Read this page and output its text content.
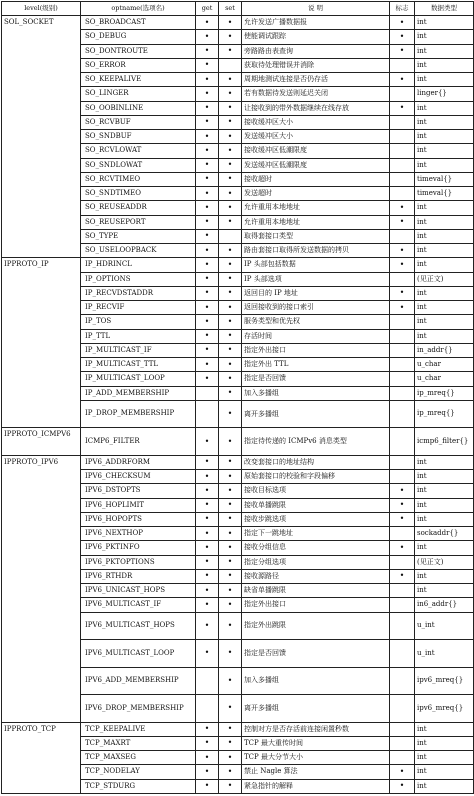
level(级别)	optname(选项名)	get	set	说 明	标志	数据类型
SOL_SOCKET	SO_BROADCAST	•	•	允许发送广播数据报	•	int
	SO_DEBUG	•	•	使能调试跟踪	•	int
	SO_DONTROUTE	•	•	旁路路由表查询	•	int
	SO_ERROR	•		获取待处理错误并消除		int
	SO_KEEPALIVE	•	•	周期地测试连接是否仍存活	•	int
	SO_LINGER	•	•	若有数据待发送则延迟关闭		linger{}
	SO_OOBINLINE	•	•	让接收到的带外数据继续在线存放	•	int
	SO_RCVBUF	•	•	接收缓冲区大小		int
	SO_SNDBUF	•	•	发送缓冲区大小		int
	SO_RCVLOWAT	•	•	接收缓冲区低潮限度		int
	SO_SNDLOWAT	•	•	发送缓冲区低潮限度		int
	SO_RCVTIMEO	•	•	接收超时		timeval{}
	SO_SNDTIMEO	•	•	发送超时		timeval{}
	SO_REUSEADDR	•	•	允许重用本地地址	•	int
	SO_REUSEPORT	•	•	允许重用本地地址	•	int
	SO_TYPE	•		取得套接口类型		int
	SO_USELOOPBACK	•	•	路由套接口取得所发送数据的拷贝	•	int
IPPROTO_IP	IP_HDRINCL	•	•	IP 头部包括数据	•	int
	IP_OPTIONS	•	•	IP 头部选项		(见正文)
	IP_RECVDSTADDR	•	•	返回目的 IP 地址	•	int
	IP_RECVIF	•	•	返回接收到的接口索引	•	int
	IP_TOS	•	•	服务类型和优先权		int
	IP_TTL	•	•	存活时间		int
	IP_MULTICAST_IF	•	•	指定外出接口		in_addr{}
	IP_MULTICAST_TTL	•	•	指定外出 TTL		u_char
	IP_MULTICAST_LOOP	•	•	指定是否回馈		u_char
	IP_ADD_MEMBERSHIP		•	加入多播组		ip_mreq{}
	IP_DROP_MEMBERSHIP		•	离开多播组		ip_mreq{}
IPPROTO_ICMPV6	ICMP6_FILTER	•	•	指定待传递的 ICMPv6 消息类型		icmp6_filter{}
IPPROTO_IPV6	IPV6_ADDRFORM	•	•	改变套接口的地址结构		int
	IPV6_CHECKSUM	•	•	原始套接口的校验和字段偏移		int
	IPV6_DSTOPTS	•	•	接收目标选项	•	int
	IPV6_HOPLIMIT	•	•	接收单播跳限	•	int
	IPV6_HOPOPTS	•	•	接收步跳选项	•	int
	IPV6_NEXTHOP	•	•	指定下一跳地址		sockaddr{}
	IPV6_PKTINFO	•	•	接收分组信息	•	int
	IPV6_PKTOPTIONS	•	•	指定分组选项		(见正文)
	IPV6_RTHDR	•	•	接收源路径	•	int
	IPV6_UNICAST_HOPS	•	•	缺省单播跳限		int
	IPV6_MULTICAST_IF	•	•	指定外出接口		in6_addr{}
	IPV6_MULTICAST_HOPS	•	•	指定外出跳限		u_int
	IPV6_MULTICAST_LOOP	•	•	指定是否回馈		u_int
	IPV6_ADD_MEMBERSHIP		•	加入多播组		ipv6_mreq{}
	IPV6_DROP_MEMBERSHIP		•	离开多播组		ipv6_mreq{}
IPPROTO_TCP	TCP_KEEPALIVE	•	•	控制对方是否存活前连接闲置秒数		int
	TCP_MAXRT	•	•	TCP 最大重传时间		int
	TCP_MAXSEG	•	•	TCP 最大分节大小		int
	TCP_NODELAY	•	•	禁止 Nagle 算法	•	int
	TCP_STDURG	•	•	紧急指针的解释	•	int
